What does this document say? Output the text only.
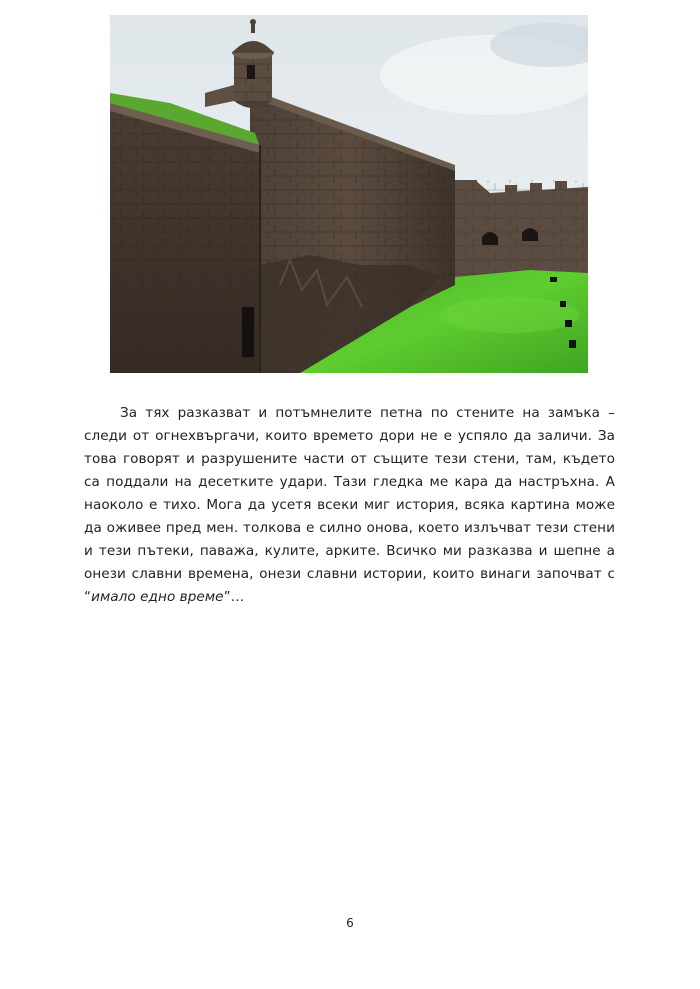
За тях разказват и потъмнелите петна по стените на замъка – следи от огнехвъргачи, които времето дори не е успяло да заличи. За това говорят и разрушените части от същите тези стени, там, където са поддали на десетките удари. Тази гледка ме кара да настръхна. А наоколо е тихо. Мога да усетя всеки миг история, всяка картина може да оживее пред мен. толкова е силно онова, което излъчват тези стени и тези пътеки, паважа, кулите, арките. Всичко ми разказва и шепне а онези славни времена, онези славни истории, които винаги започват с “имало едно време”…

6
